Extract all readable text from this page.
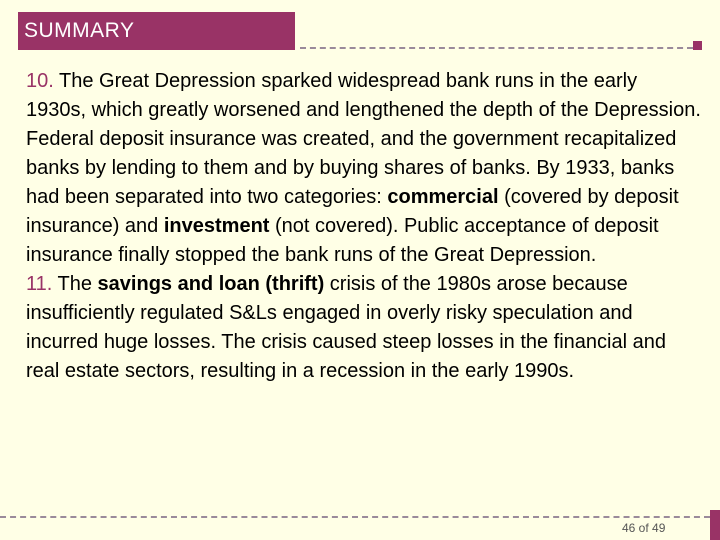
SUMMARY

10. The Great Depression sparked widespread bank runs in the early 1930s, which greatly worsened and lengthened the depth of the Depression. Federal deposit insurance was created, and the government recapitalized banks by lending to them and by buying shares of banks. By 1933, banks had been separated into two categories: commercial (covered by deposit insurance) and investment (not covered). Public acceptance of deposit insurance finally stopped the bank runs of the Great Depression.

11. The savings and loan (thrift) crisis of the 1980s arose because insufficiently regulated S&Ls engaged in overly risky speculation and incurred huge losses. The crisis caused steep losses in the financial and real estate sectors, resulting in a recession in the early 1990s.

46 of 49
